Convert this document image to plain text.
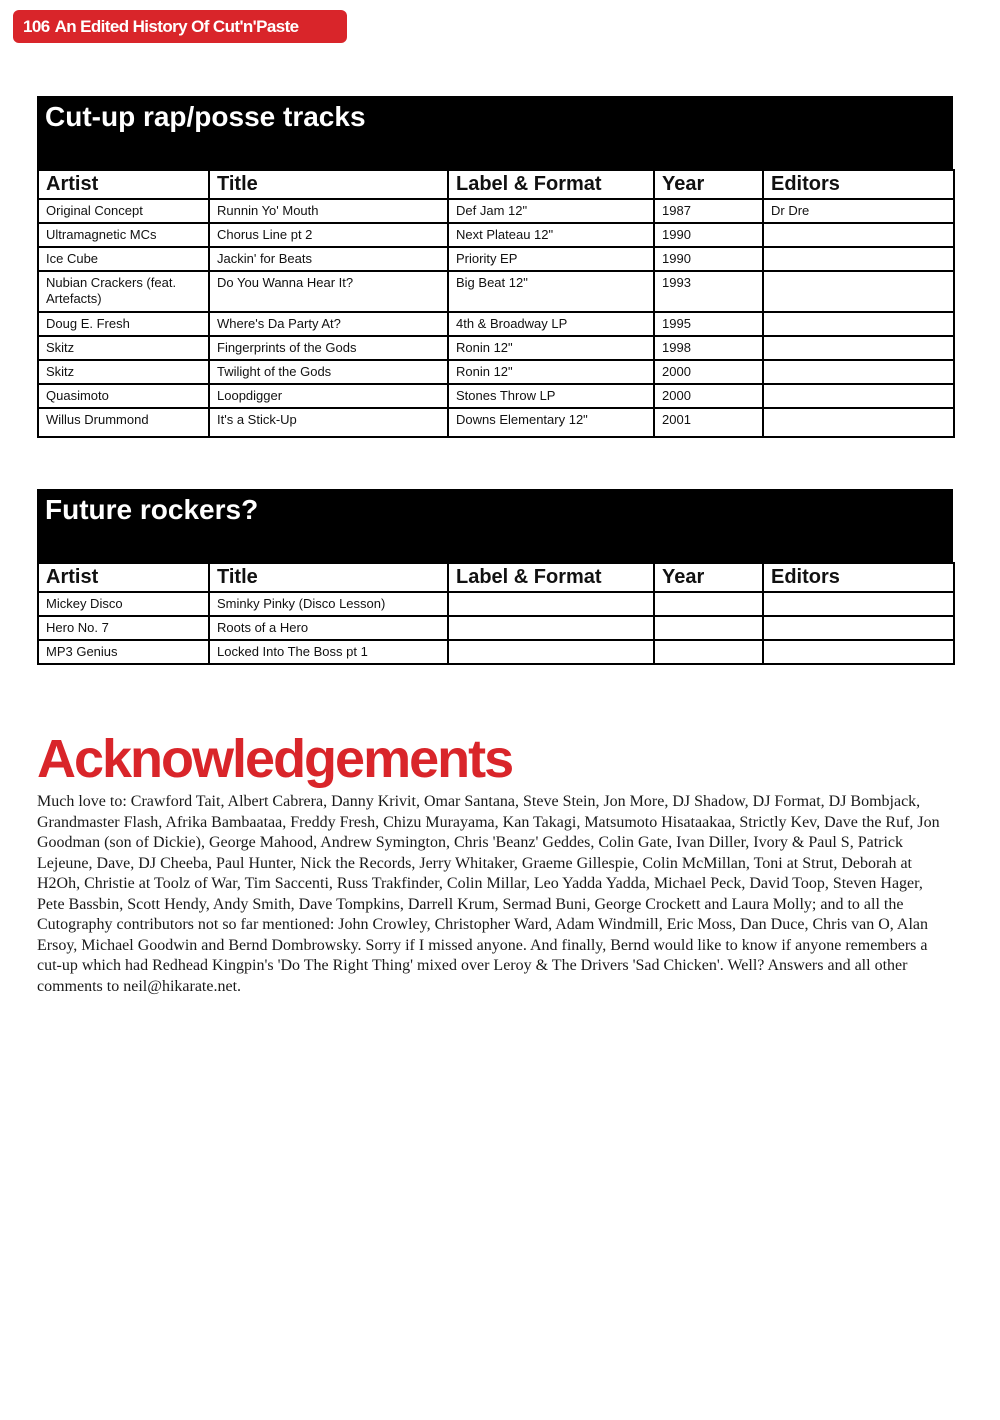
106 An Edited History Of Cut'n'Paste
Cut-up rap/posse tracks
Artist	Title	Label & Format	Year	Editors
Original Concept	Runnin Yo' Mouth	Def Jam 12"	1987	Dr Dre
Ultramagnetic MCs	Chorus Line pt 2	Next Plateau 12"	1990	
Ice Cube	Jackin' for Beats	Priority EP	1990	
Nubian Crackers (feat. Artefacts)	Do You Wanna Hear It?	Big Beat 12"	1993	
Doug E. Fresh	Where's Da Party At?	4th & Broadway LP	1995	
Skitz	Fingerprints of the Gods	Ronin 12"	1998	
Skitz	Twilight of the Gods	Ronin 12"	2000	
Quasimoto	Loopdigger	Stones Throw LP	2000	
Willus Drummond	It's a Stick-Up	Downs Elementary 12"	2001	
Future rockers?
Artist	Title	Label & Format	Year	Editors
Mickey Disco	Sminky Pinky (Disco Lesson)			
Hero No. 7	Roots of a Hero			
MP3 Genius	Locked Into The Boss pt 1			
Acknowledgements

Much love to: Crawford Tait, Albert Cabrera, Danny Krivit, Omar Santana, Steve Stein, Jon More, DJ Shadow, DJ Format, DJ Bombjack, Grandmaster Flash, Afrika Bambaataa, Freddy Fresh, Chizu Murayama, Kan Takagi, Matsumoto Hisataakaa, Strictly Kev, Dave the Ruf, Jon Goodman (son of Dickie), George Mahood, Andrew Symington, Chris 'Beanz' Geddes, Colin Gate, Ivan Diller, Ivory & Paul S, Patrick Lejeune, Dave, DJ Cheeba, Paul Hunter, Nick the Records, Jerry Whitaker, Graeme Gillespie, Colin McMillan, Toni at Strut, Deborah at H2Oh, Christie at Toolz of War, Tim Saccenti, Russ Trakfinder, Colin Millar, Leo Yadda Yadda, Michael Peck, David Toop, Steven Hager, Pete Bassbin, Scott Hendy, Andy Smith, Dave Tompkins, Darrell Krum, Sermad Buni, George Crockett and Laura Molly; and to all the Cutography contributors not so far mentioned: John Crowley, Christopher Ward, Adam Windmill, Eric Moss, Dan Duce, Chris van O, Alan Ersoy, Michael Goodwin and Bernd Dombrowsky. Sorry if I missed anyone. And finally, Bernd would like to know if anyone remembers a cut-up which had Redhead Kingpin's 'Do The Right Thing' mixed over Leroy & The Drivers 'Sad Chicken'. Well? Answers and all other comments to neil@hikarate.net.
